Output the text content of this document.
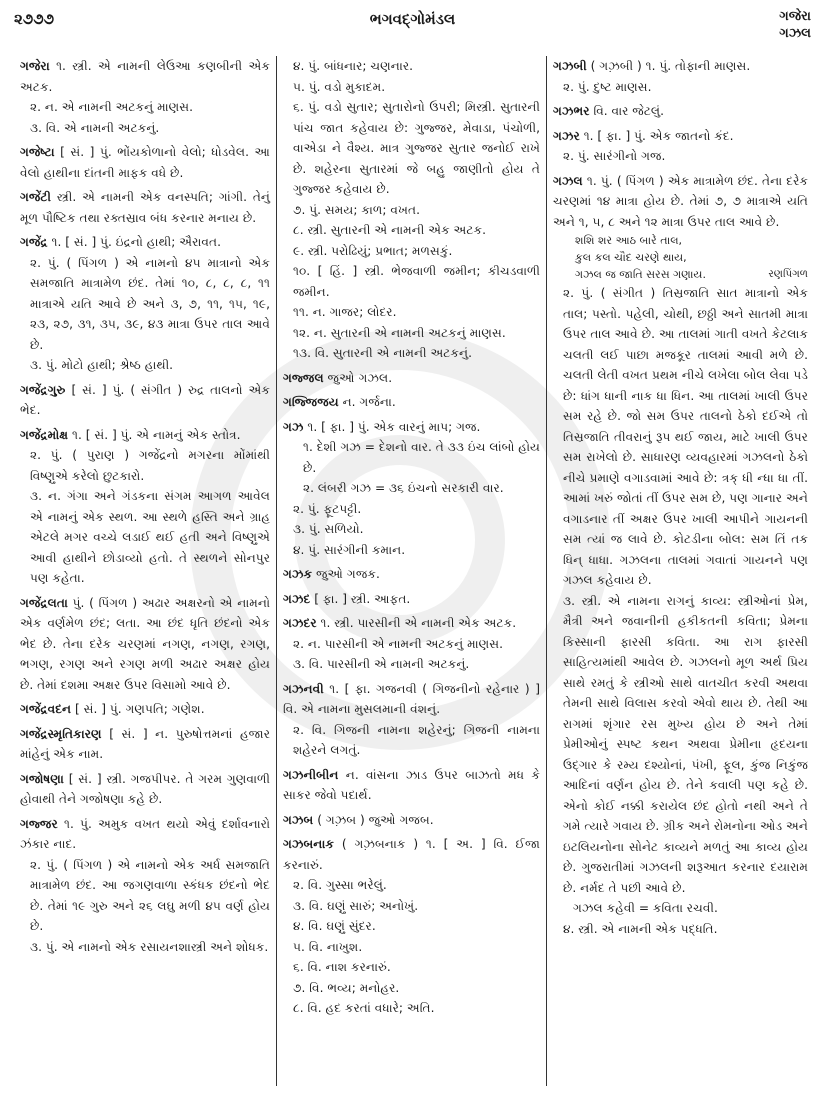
૨૭૭૭	ભગવદ્ગોમંડલ	ગજેરા
ગઝલ
ગજેરા ૧. સ્ત્રી. એ નામની લેઉઆ કણબીની એક અટક.
૨. ન. એ નામની અટકનું માણસ.
૩. વિ. એ નામની અટકનું.
ગજેષ્ટા [ સં. ] પું. ભોંયકોળાનો વેલો; ધોડવેલ. આ વેલો હાથીના દાંતની માફક વધે છે.
ગજેંટી સ્ત્રી. એ નામની એક વનસ્પતિ; ગાંગી. તેનું મૂળ પૌષ્ટિક તથા રક્તસ્રાવ બંધ કરનાર મનાય છે.
ગજેંદ્ર ૧. [ સં. ] પું. ઇંદ્રનો હાથી; ઐરાવત.
૨. પું. ( પિંગળ ) એ નામનો ૪૫ માત્રાનો એક સમજાતિ માત્રામેળ છંદ. તેમાં ૧૦, ૮, ૮, ૮, ૧૧ માત્રાએ યતિ આવે છે અને ૩, ૭, ૧૧, ૧૫, ૧૯, ૨૩, ૨૭, ૩૧, ૩૫, ૩૯, ૪૩ માત્રા ઉપર તાલ આવે છે.
૩. પું. મોટો હાથી; શ્રેષ્ઠ હાથી.
ગજેંદ્રગુરુ [ સં. ] પું. ( સંગીત ) રુદ્ર તાલનો એક ભેદ.
ગજેંદ્રમોક્ષ ૧. [ સં. ] પું. એ નામનું એક સ્તોત્ર.
૨. પું. ( પુરાણ ) ગજેંદ્રનો મગરના મોંમાંથી વિષ્ણુએ કરેલો છુટકારો.
૩. ન. ગંગા અને ગંડકના સંગમ આગળ આવેલ એ નામનું એક સ્થળ. આ સ્થળે હસ્તિ અને ગ્રાહ એટલે મગર વચ્ચે લડાઈ થઈ હતી અને વિષ્ણુએ આવી હાથીને છોડાવ્યો હતો. તે સ્થળને સોનપુર પણ કહેતા.
ગજેંદ્રલતા પું. ( પિંગળ ) અઢાર અક્ષરનો એ નામનો એક વર્ણમેળ છંદ; લતા. આ છંદ ધૃતિ છંદનો એક ભેદ છે. તેના દરેક ચરણમાં નગણ, નગણ, રગણ, ભગણ, રગણ અને રગણ મળી અઢાર અક્ષર હોય છે. તેમાં દશમા અક્ષર ઉપર વિસામો આવે છે.
ગજેંદ્રવદન [ સં. ] પું. ગણપતિ; ગણેશ.
ગજેંદ્રસ્મૃતિકારણ [ સં. ] ન. પુરુષોત્તમનાં હજાર માંહેનું એક નામ.
ગજોષણા [ સં. ] સ્ત્રી. ગજપીપર. તે ગરમ ગુણવાળી હોવાથી તેને ગજોષણા કહે છે.
ગજ્જર ૧. પું. અમુક વખત થયો એવું દર્શાવનારો ઝંકાર નાદ.
૨. પું. ( પિંગળ ) એ નામનો એક અર્ધ સમજાતિ માત્રામેળ છંદ. આ જગણવાળા સ્કંધક છંદનો ભેદ છે. તેમાં ૧૯ ગુરુ અને ૨૬ લઘુ મળી ૪૫ વર્ણ હોય છે.
૩. પું. એ નામનો એક રસાયનશાસ્ત્રી અને શોધક.
૪. પું. બાંધનાર; ચણનાર.
૫. પું. વડો મુકાદમ.
૬. પું. વડો સુતાર; સુતારોનો ઉપરી; મિસ્ત્રી. સુતારની પાંચ જાત કહેવાય છે: ગુજ્જર, મેવાડા, પંચોળી, વાએડા ને વૈશ્ય. માત્ર ગુજ્જર સુતાર જનોઈ રાખે છે. શહેરના સુતારમાં જે બહુ જાણીતો હોય તે ગુજ્જર કહેવાય છે.
૭. પું. સમય; કાળ; વખત.
૮. સ્ત્રી. સુતારની એ નામની એક અટક.
૯. સ્ત્રી. પરોઢિયું; પ્રભાત; મળસકું.
૧૦. [ હિં. ] સ્ત્રી. ભેજવાળી જમીન; કીચડવાળી જમીન.
૧૧. ન. ગાજર; લોદર.
૧૨. ન. સુતારની એ નામની અટકનું માણસ.
૧૩. વિ. સુતારની એ નામની અટકનું.
ગજ્જલ જુઓ ગઝલ.
ગજ્જિજય ન. ગર્જના.
ગઝ ૧. [ ફા. ] પું. એક વારનું માપ; ગજ.
૧. દેશી ગઝ = દેશનો વાર. તે ૩૩ ઇંચ લાંબો હોય છે.
૨. લંબરી ગઝ = ૩૬ ઇંચનો સરકારી વાર.
૨. પું. ફૂટપટ્ટી.
૩. પું. સળિયો.
૪. પું. સારંગીની કમાન.
ગઝક જુઓ ગજક.
ગઝદ [ ફા. ] સ્ત્રી. આફત.
ગઝદર ૧. સ્ત્રી. પારસીની એ નામની એક અટક.
૨. ન. પારસીની એ નામની અટકનું માણસ.
૩. વિ. પારસીની એ નામની અટકનું.
ગઝનવી ૧. [ ફા. ગજનવી ( ગિજનીનો રહેનાર ) ] વિ. એ નામના મુસલમાની વંશનું.
૨. વિ. ગિજની નામના શહેરનું; ગિજની નામના શહેરને લગતું.
ગઝનીબીન ન. વાંસના ઝાડ ઉપર બાઝતો મધ કે સાકર જેવો પદાર્થ.
ગઝબ ( ગઝ઼બ ) જુઓ ગજબ.
ગઝબનાક ( ગઝ઼બનાક ) ૧. [ અ. ] વિ. ઈજા કરનારું.
૨. વિ. ગુસ્સા ભરેલું.
૩. વિ. ઘણું સારું; અનોખું.
૪. વિ. ઘણું સુંદર.
૫. વિ. નાખુશ.
૬. વિ. નાશ કરનારું.
૭. વિ. ભવ્ય; મનોહર.
૮. વિ. હદ કરતાં વધારે; અતિ.
ગઝબી ( ગઝ઼બી ) ૧. પું. તોફાની માણસ.
૨. પું. દુષ્ટ માણસ.
ગઝભર વિ. વાર જેટલું.
ગઝર ૧. [ ફા. ] પું. એક જાતનો કંદ.
૨. પું. સારંગીનો ગજ.
ગઝલ ૧. પું. ( પિંગળ ) એક માત્રામેળ છંદ. તેના દરેક ચરણમાં ૧૪ માત્રા હોય છે. તેમાં ૭, ૭ માત્રાએ યતિ અને ૧, ૫, ૮ અને ૧૨ માત્રા ઉપર તાલ આવે છે.
શશિ શર આઠ બારે તાલ,
કુલ કલ ચૌદ ચરણે થાય,
ગઝલ જ જાતિ સરસ ગણાય.	રણપિંગળ
૨. પું. ( સંગીત ) તિસ્રજાતિ સાત માત્રાનો એક તાલ; પસ્તો. પહેલી, ચોથી, છઠ્ઠી અને સાતમી માત્રા ઉપર તાલ આવે છે. આ તાલમાં ગાતી વખતે કેટલાક ચલતી લઈ પાછા મજકૂર તાલમાં આવી મળે છે. ચલતી લેતી વખત પ્રથમ નીચે લખેલા બોલ લેવા પડે છે: ધાંગ ધાની નાક ધા ધિન. આ તાલમાં ખાલી ઉપર સમ રહે છે. જો સમ ઉપર તાલનો ઠેકો દઈએ તો તિસ્રજાતિ તીવરાનું રૂપ થઈ જાય, માટે ખાલી ઉપર સમ રાખેલો છે. સાધારણ વ્યવહારમાં ગઝલનો ઠેકો નીચે પ્રમાણે વગાડવામાં આવે છે: ત્રક્ ધી ન્ધા ધા તીં. આમાં ખરું જોતાં તીં ઉપર સમ છે, પણ ગાનાર અને વગાડનાર તીં અક્ષર ઉપર ખાલી આપીને ગાયનની સમ ત્યાં જ લાવે છે. કોટડીના બોલ: સમ તિં તક ધિન્ ધાધા. ગઝલના તાલમાં ગવાતાં ગાયનને પણ ગઝલ કહેવાય છે.
૩. સ્ત્રી. એ નામના રાગનું કાવ્ય: સ્ત્રીઓનાં પ્રેમ, મૈત્રી અને જવાનીની હકીકતની કવિતા; પ્રેમના કિસ્સાની ફારસી કવિતા. આ રાગ ફારસી સાહિત્યમાંથી આવેલ છે. ગઝલનો મૂળ અર્થ પ્રિય સાથે રમતું કે સ્ત્રીઓ સાથે વાતચીત કરવી અથવા તેમની સાથે વિલાસ કરવો એવો થાય છે. તેથી આ રાગમાં શૃંગાર રસ મુખ્ય હોય છે અને તેમાં પ્રેમીઓનું સ્પષ્ટ કથન અથવા પ્રેમીના હૃદયના ઉદ્ગાર કે રમ્ય દશ્યોનાં, પંખી, ફૂલ, કુંજ નિકુંજ આદિનાં વર્ણન હોય છે. તેને કવાલી પણ કહે છે. એનો કોઈ નક્કી કરાયેલ છંદ હોતો નથી અને તે ગમે ત્યારે ગવાય છે. ગ્રીક અને રોમનોના ઓડ અને ઇટલિયનોના સોનેટ કાવ્યને મળતું આ કાવ્ય હોય છે. ગુજરાતીમાં ગઝલની શરૂઆત કરનાર દયારામ છે. નર્મદ તે પછી આવે છે.
ગઝલ કહેવી = કવિતા રચવી.
૪. સ્ત્રી. એ નામની એક પદ્ધતિ.
